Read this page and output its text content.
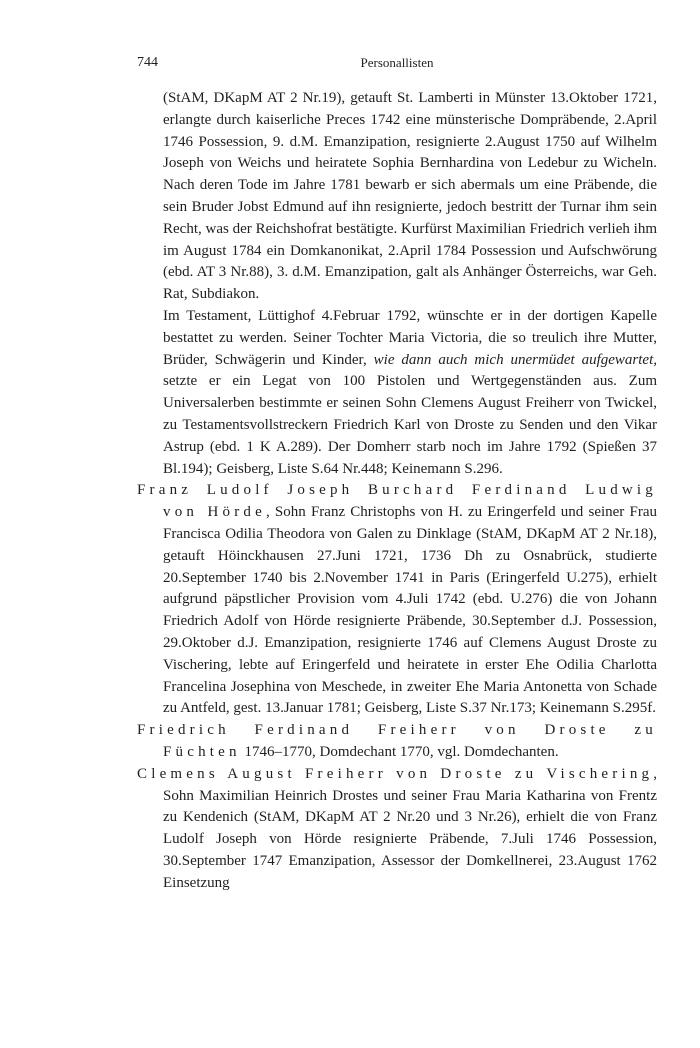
744	Personallisten

(StAM, DKapM AT 2 Nr.19), getauft St. Lamberti in Münster 13.Oktober 1721, erlangte durch kaiserliche Preces 1742 eine münsterische Dompräbende, 2.April 1746 Possession, 9. d.M. Emanzipation, resignierte 2.August 1750 auf Wilhelm Joseph von Weichs und heiratete Sophia Bernhardina von Ledebur zu Wicheln. Nach deren Tode im Jahre 1781 bewarb er sich abermals um eine Präbende, die sein Bruder Jobst Edmund auf ihn resignierte, jedoch bestritt der Turnar ihm sein Recht, was der Reichshofrat bestätigte. Kurfürst Maximilian Friedrich verlieh ihm im August 1784 ein Domkanonikat, 2.April 1784 Possession und Aufschwörung (ebd. AT 3 Nr.88), 3. d.M. Emanzipation, galt als Anhänger Österreichs, war Geh. Rat, Subdiakon.

Im Testament, Lüttighof 4.Februar 1792, wünschte er in der dortigen Kapelle bestattet zu werden. Seiner Tochter Maria Victoria, die so treulich ihre Mutter, Brüder, Schwägerin und Kinder, wie dann auch mich unermüdet aufgewartet, setzte er ein Legat von 100 Pistolen und Wertgegenständen aus. Zum Universalerben bestimmte er seinen Sohn Clemens August Freiherr von Twickel, zu Testamentsvollstreckern Friedrich Karl von Droste zu Senden und den Vikar Astrup (ebd. 1 K A.289). Der Domherr starb noch im Jahre 1792 (Spießen 37 Bl.194); Geisberg, Liste S.64 Nr.448; Keinemann S.296.

Franz Ludolf Joseph Burchard Ferdinand Ludwig von Hörde, Sohn Franz Christophs von H. zu Eringerfeld und seiner Frau Francisca Odilia Theodora von Galen zu Dinklage (StAM, DKapM AT 2 Nr.18), getauft Höinckhausen 27.Juni 1721, 1736 Dh zu Osnabrück, studierte 20.September 1740 bis 2.November 1741 in Paris (Eringerfeld U.275), erhielt aufgrund päpstlicher Provision vom 4.Juli 1742 (ebd. U.276) die von Johann Friedrich Adolf von Hörde resignierte Präbende, 30.September d.J. Possession, 29.Oktober d.J. Emanzipation, resignierte 1746 auf Clemens August Droste zu Vischering, lebte auf Eringerfeld und heiratete in erster Ehe Odilia Charlotta Francelina Josephina von Meschede, in zweiter Ehe Maria Antonetta von Schade zu Antfeld, gest. 13.Januar 1781; Geisberg, Liste S.37 Nr.173; Keinemann S.295f.

Friedrich Ferdinand Freiherr von Droste zu Füchten 1746–1770, Domdechant 1770, vgl. Domdechanten.

Clemens August Freiherr von Droste zu Vischering, Sohn Maximilian Heinrich Drostes und seiner Frau Maria Katharina von Frentz zu Kendenich (StAM, DKapM AT 2 Nr.20 und 3 Nr.26), erhielt die von Franz Ludolf Joseph von Hörde resignierte Präbende, 7.Juli 1746 Possession, 30.September 1747 Emanzipation, Assessor der Domkellnerei, 23.August 1762 Einsetzung
